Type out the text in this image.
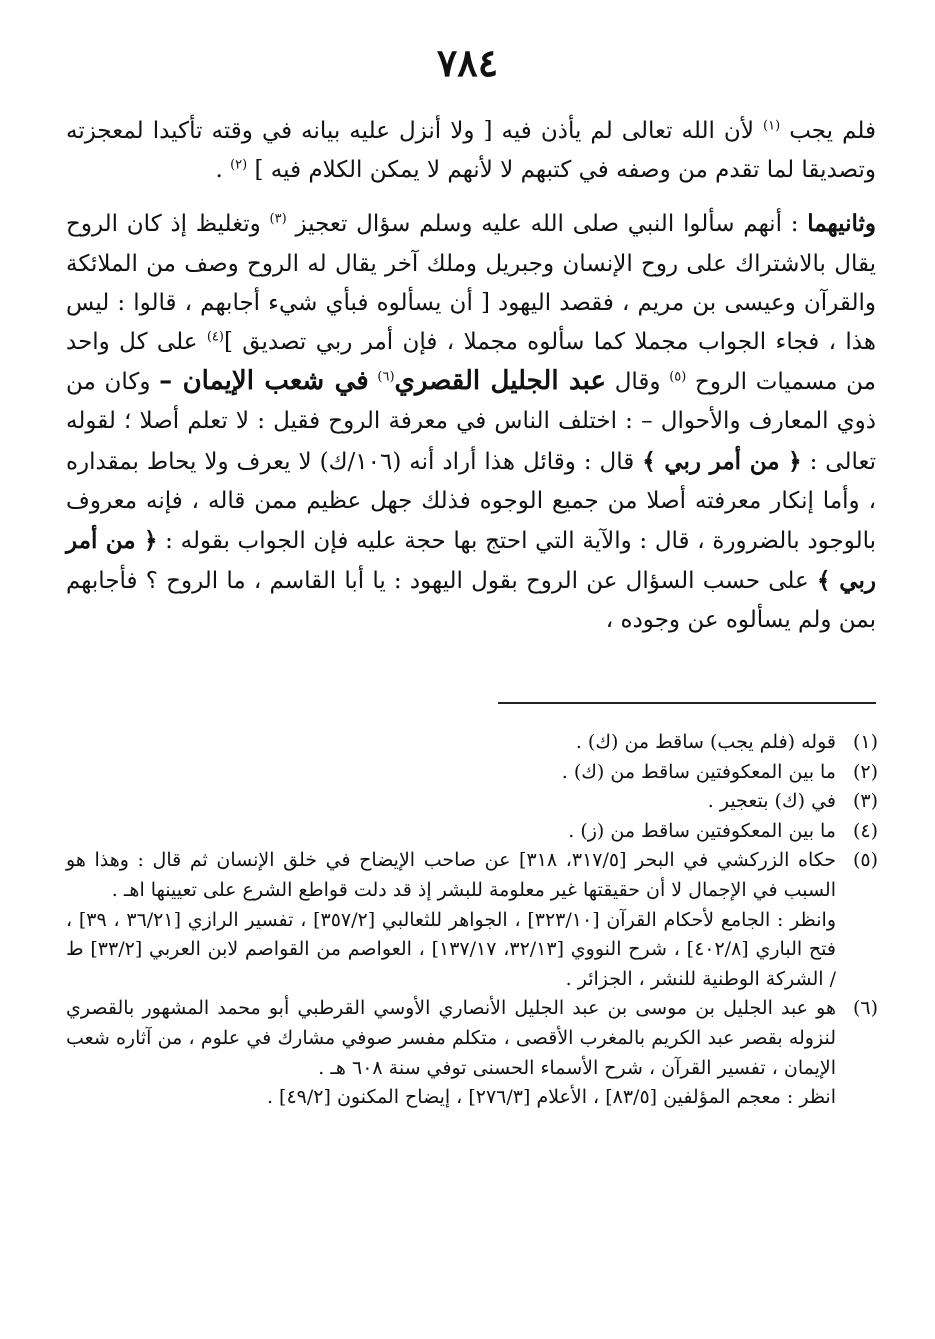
٧٨٤

فلم يجب $^{(١)}$ لأن الله تعالى لم يأذن فيه [ ولا أنزل عليه بيانه في وقته تأكيدا لمعجزته وتصديقا لما تقدم من وصفه في كتبهم لا لأنهم لا يمكن الكلام فيه ] $^{(٢)}$ .

وثانيهما : أنهم سألوا النبي صلى الله عليه وسلم سؤال تعجيز $^{(٣)}$ وتغليظ إذ كان الروح يقال بالاشتراك على روح الإنسان وجبريل وملك آخر يقال له الروح وصف من الملائكة والقرآن وعيسى بن مريم ، فقصد اليهود [ أن يسألوه فبأي شيء أجابهم ، قالوا : ليس هذا ، فجاء الجواب مجملا كما سألوه مجملا ، فإن أمر ربي تصديق ]$^{(٤)}$ على كل واحد من مسميات الروح $^{(٥)}$ وقال عبد الجليل القصري$^{(٦)}$ في شعب الإيمان – وكان من ذوي المعارف والأحوال – : اختلف الناس في معرفة الروح فقيل : لا تعلم أصلا ؛ لقوله تعالى : ﴿ من أمر ربي ﴾ قال : وقائل هذا أراد أنه (١٠٦/ك) لا يعرف ولا يحاط بمقداره ، وأما إنكار معرفته أصلا من جميع الوجوه فذلك جهل عظيم ممن قاله ، فإنه معروف بالوجود بالضرورة ، قال : والآية التي احتج بها حجة عليه فإن الجواب بقوله : ﴿ من أمر ربي ﴾ على حسب السؤال عن الروح بقول اليهود : يا أبا القاسم ، ما الروح ؟ فأجابهم بمن ولم يسألوه عن وجوده ،

(١)

قوله (فلم يجب) ساقط من (ك) .

(٢)

ما بين المعكوفتين ساقط من (ك) .

(٣)

في (ك) بتعجير .

(٤)

ما بين المعكوفتين ساقط من (ز) .

(٥)

حكاه الزركشي في البحر [٣١٧/٥، ٣١٨] عن صاحب الإيضاح في خلق الإنسان ثم قال : وهذا هو السبب في الإجمال لا أن حقيقتها غير معلومة للبشر إذ قد دلت قواطع الشرع على تعيينها اهـ .

وانظر : الجامع لأحكام القرآن [٣٢٣/١٠] ، الجواهر للثعالبي [٣٥٧/٢] ، تفسير الرازي [٣٦/٢١ ، ٣٩] ، فتح الباري [٤٠٢/٨] ، شرح النووي [٣٢/١٣، ١٣٧/١٧] ، العواصم من القواصم لابن العربي [٣٣/٢] ط / الشركة الوطنية للنشر ، الجزائر .

(٦)

هو عبد الجليل بن موسى بن عبد الجليل الأنصاري الأوسي القرطبي أبو محمد المشهور بالقصري لنزوله بقصر عبد الكريم بالمغرب الأقصى ، متكلم مفسر صوفي مشارك في علوم ، من آثاره شعب الإيمان ، تفسير القرآن ، شرح الأسماء الحسنى توفي سنة ٦٠٨ هـ .

انظر : معجم المؤلفين [٨٣/٥] ، الأعلام [٢٧٦/٣] ، إيضاح المكنون [٤٩/٢] .
